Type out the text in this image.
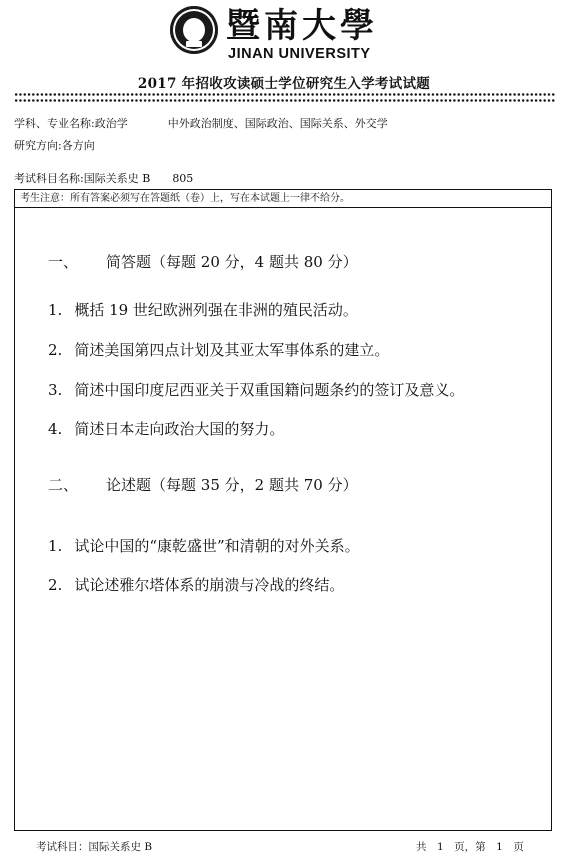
暨南大學
JINAN UNIVERSITY
2017 年招收攻读硕士学位研究生入学考试试题
学科、专业名称:政治学	中外政治制度、国际政治、国际关系、外交学
研究方向:各方向
考试科目名称:国际关系史 B 805
考生注意：所有答案必须写在答题纸（卷）上，写在本试题上一律不给分。
一、 简答题（每题 20 分，4 题共 80 分）
1. 概括 19 世纪欧洲列强在非洲的殖民活动。
2. 简述美国第四点计划及其亚太军事体系的建立。
3. 简述中国印度尼西亚关于双重国籍问题条约的签订及意义。
4. 简述日本走向政治大国的努力。
二、 论述题（每题 35 分，2 题共 70 分）
1. 试论中国的“康乾盛世”和清朝的对外关系。
2. 试论述雅尔塔体系的崩溃与冷战的终结。
考试科目：国际关系史 B	共　1　页，第　1　页
